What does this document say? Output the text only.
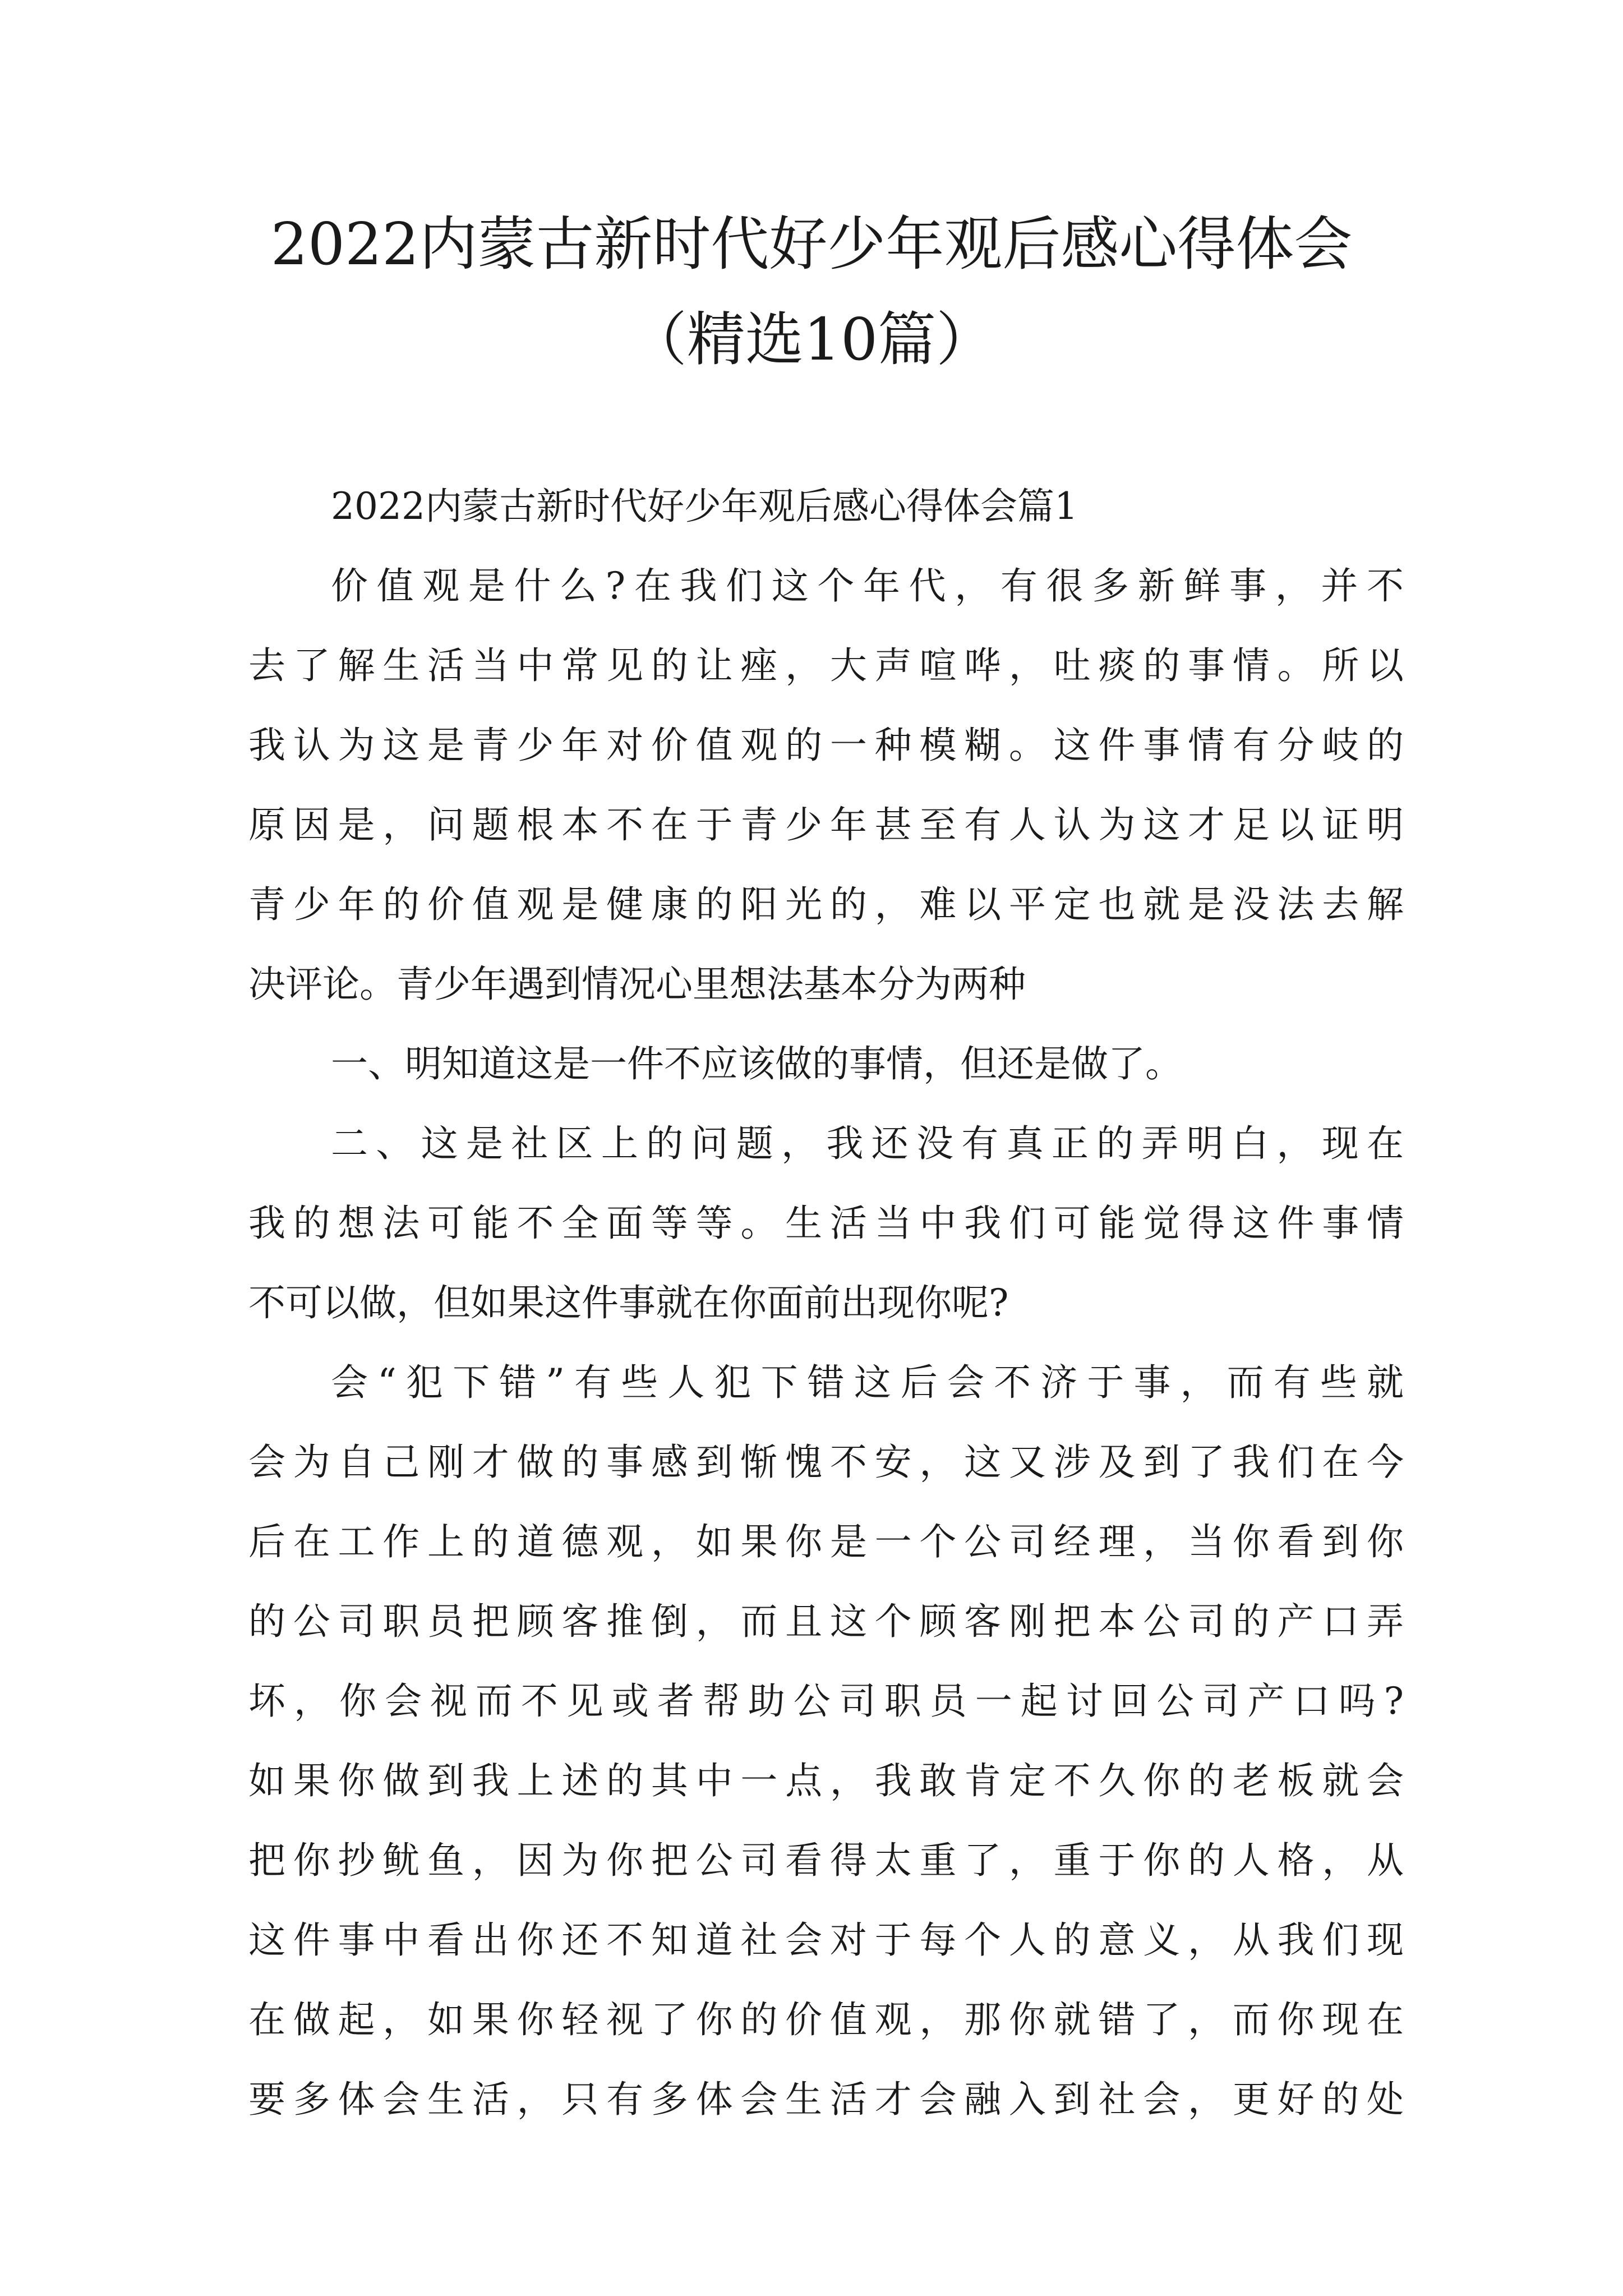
2022内蒙古新时代好少年观后感心得体会
（精选10篇）
2022内蒙古新时代好少年观后感心得体会篇1
价值观是什么?在我们这个年代，有很多新鲜事，并不
去了解生活当中常见的让痤，大声喧哗，吐痰的事情。所以
我认为这是青少年对价值观的一种模糊。这件事情有分岐的
原因是，问题根本不在于青少年甚至有人认为这才足以证明
青少年的价值观是健康的阳光的，难以平定也就是没法去解
决评论。青少年遇到情况心里想法基本分为两种
一、明知道这是一件不应该做的事情，但还是做了。
二、这是社区上的问题，我还没有真正的弄明白，现在
我的想法可能不全面等等。生活当中我们可能觉得这件事情
不可以做，但如果这件事就在你面前出现你呢?
会“犯下错”有些人犯下错这后会不济于事，而有些就
会为自己刚才做的事感到惭愧不安，这又涉及到了我们在今
后在工作上的道德观，如果你是一个公司经理，当你看到你
的公司职员把顾客推倒，而且这个顾客刚把本公司的产口弄
坏，你会视而不见或者帮助公司职员一起讨回公司产口吗?
如果你做到我上述的其中一点，我敢肯定不久你的老板就会
把你抄鱿鱼，因为你把公司看得太重了，重于你的人格，从
这件事中看出你还不知道社会对于每个人的意义，从我们现
在做起，如果你轻视了你的价值观，那你就错了，而你现在
要多体会生活，只有多体会生活才会融入到社会，更好的处
